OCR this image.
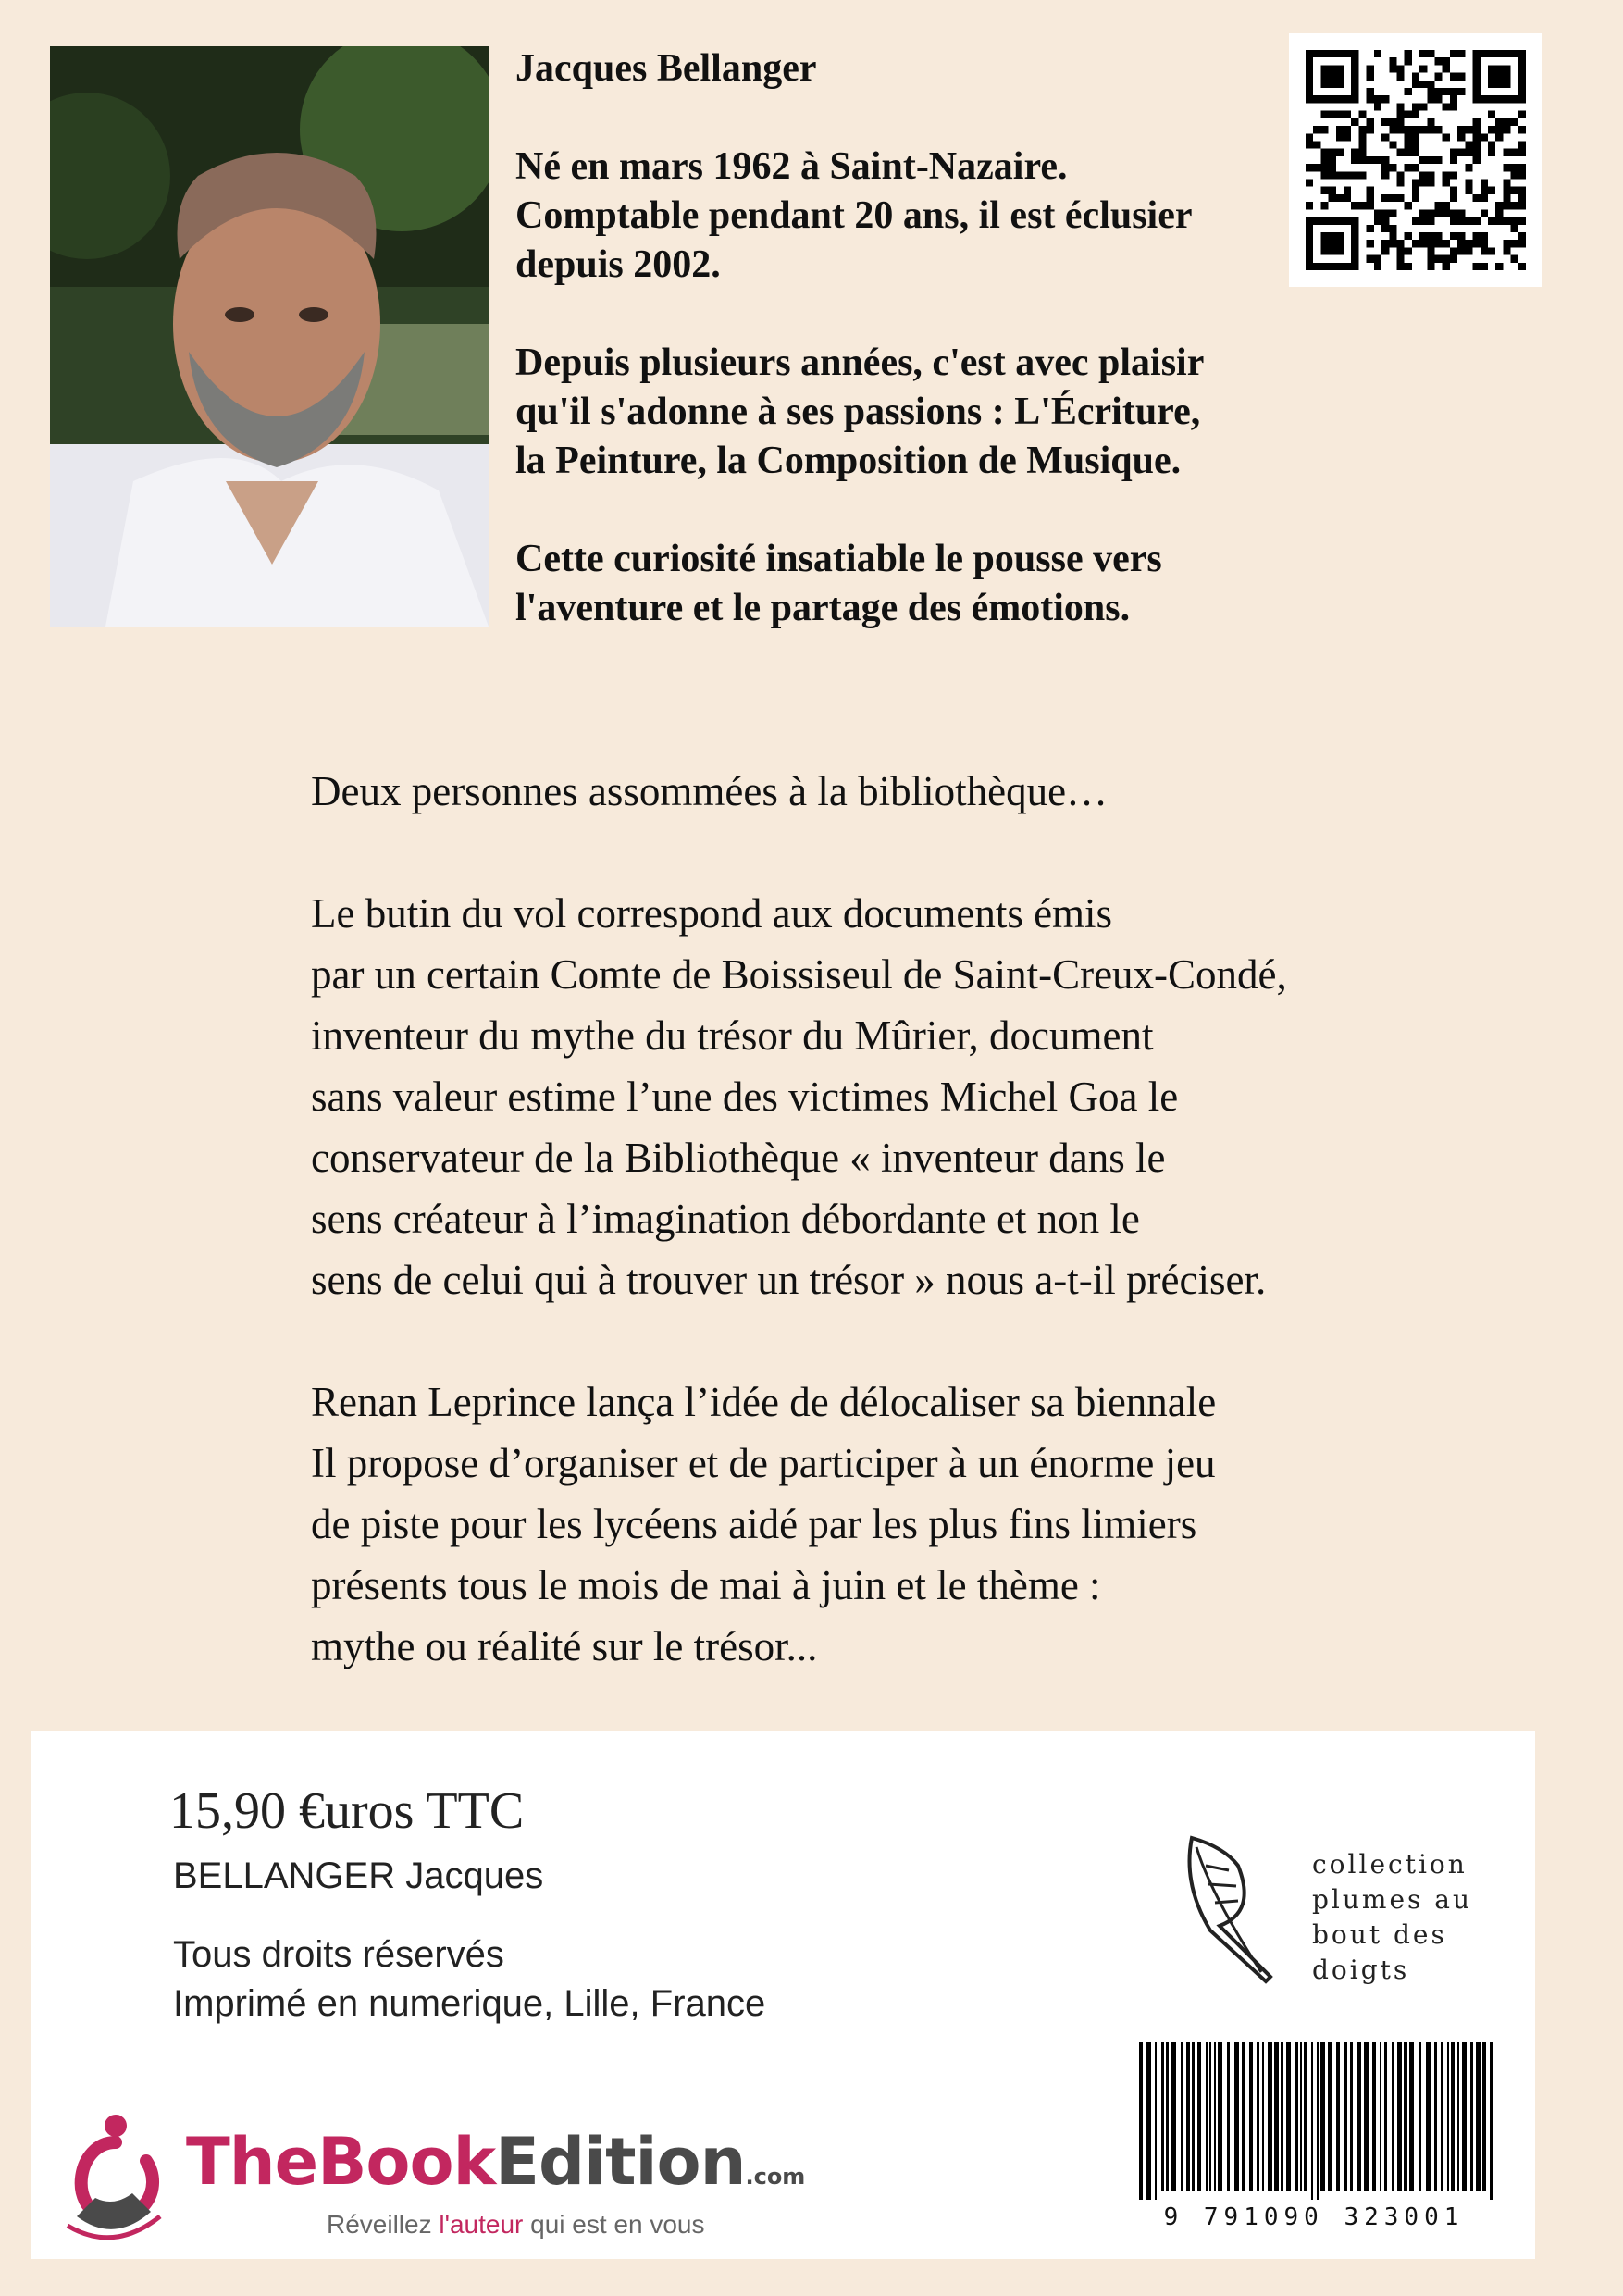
Jacques Bellanger

Né en mars 1962 à Saint-Nazaire.
Comptable pendant 20 ans, il est éclusier
depuis 2002.

Depuis plusieurs années, c'est avec plaisir
qu'il s'adonne à ses passions : L'Écriture,
la Peinture, la Composition de Musique.

Cette curiosité insatiable le pousse vers
l'aventure et le partage des émotions.

Deux personnes assommées à la bibliothèque…

Le butin du vol correspond aux documents émis
par un certain Comte de Boissiseul de Saint-Creux-Condé,
inventeur du mythe du trésor du Mûrier, document
sans valeur estime l’une des victimes Michel Goa le
conservateur de la Bibliothèque « inventeur dans le
sens créateur à l’imagination débordante et non le
sens de celui qui à trouver un trésor » nous a-t-il préciser.

Renan Leprince lança l’idée de délocaliser sa biennale
Il propose d’organiser et de participer à un énorme jeu
de piste pour les lycéens aidé par les plus fins limiers
présents tous le mois de mai à juin et le thème :
mythe ou réalité sur le trésor...

15,90 €uros TTC
BELLANGER Jacques
Tous droits réservés
Imprimé en numerique, Lille, France
collection
plumes au
bout des
doigts
9 791090 323001
TheBookEdition.com
Réveillez l'auteur qui est en vous
